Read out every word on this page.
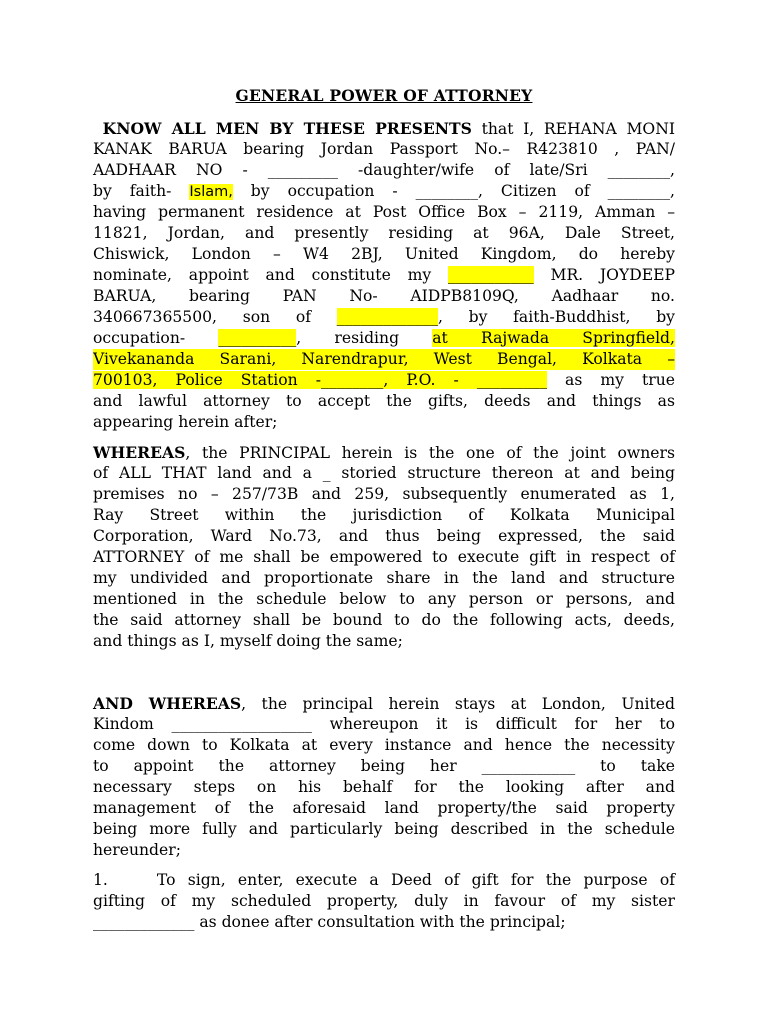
GENERAL POWER OF ATTORNEY
KNOW ALL MEN BY THESE PRESENTS that I, REHANA MONI
KANAK BARUA bearing Jordan Passport No.– R423810 , PAN/
AADHAAR NO - _________ -daughter/wife of late/Sri ________,
by faith- Islam, by occupation - ________, Citizen of ________,
having permanent residence at Post Office Box – 2119, Amman –
11821, Jordan, and presently residing at 96A, Dale Street,
Chiswick, London – W4 2BJ, United Kingdom, do hereby
nominate, appoint and constitute my ___________ MR. JOYDEEP
BARUA, bearing PAN No- AIDPB8109Q, Aadhaar no.
340667365500, son of _____________, by faith-Buddhist, by
occupation- __________, residing at Rajwada Springfield,
Vivekananda Sarani, Narendrapur, West Bengal, Kolkata –
700103, Police Station -________, P.O. - _________ as my true
and lawful attorney to accept the gifts, deeds and things as
appearing herein after;
WHEREAS, the PRINCIPAL herein is the one of the joint owners
of ALL THAT land and a _ storied structure thereon at and being
premises no – 257/73B and 259, subsequently enumerated as 1,
Ray Street within the jurisdiction of Kolkata Municipal
Corporation, Ward No.73, and thus being expressed, the said
ATTORNEY of me shall be empowered to execute gift in respect of
my undivided and proportionate share in the land and structure
mentioned in the schedule below to any person or persons, and
the said attorney shall be bound to do the following acts, deeds,
and things as I, myself doing the same;
AND WHEREAS, the principal herein stays at London, United
Kindom __________________ whereupon it is difficult for her to
come down to Kolkata at every instance and hence the necessity
to appoint the attorney being her ____________ to take
necessary steps on his behalf for the looking after and
management of the aforesaid land property/the said property
being more fully and particularly being described in the schedule
hereunder;
1.    To sign, enter, execute a Deed of gift for the purpose of
gifting of my scheduled property, duly in favour of my sister
_____________ as donee after consultation with the principal;
